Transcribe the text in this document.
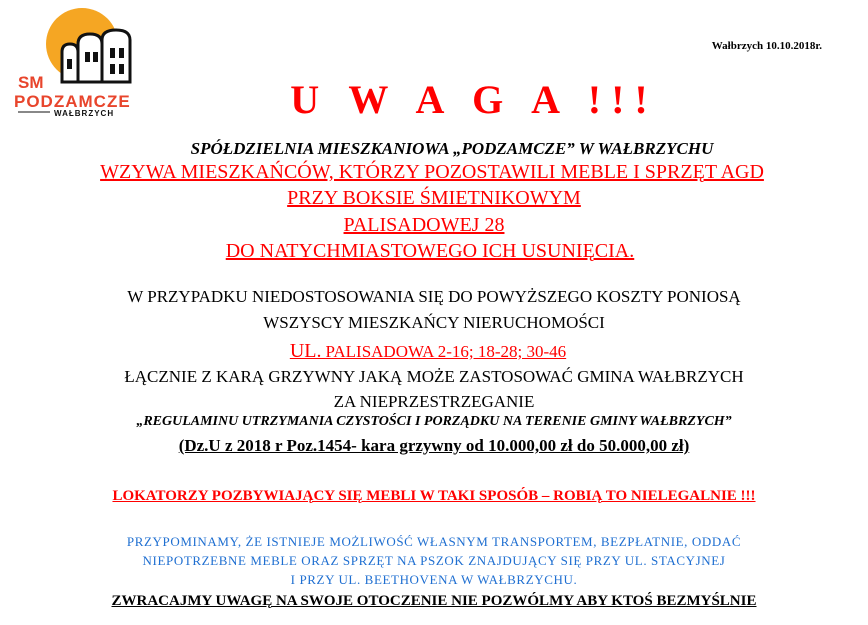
SM
PODZAMCZE
WAŁBRZYCH
Wałbrzych 10.10.2018r.
U W A G A !!!
SPÓŁDZIELNIA MIESZKANIOWA „PODZAMCZE” W WAŁBRZYCHU
WZYWA MIESZKAŃCÓW, KTÓRZY POZOSTAWILI MEBLE I SPRZĘT AGD
PRZY BOKSIE ŚMIETNIKOWYM
PALISADOWEJ 28
DO NATYCHMIASTOWEGO ICH USUNIĘCIA.
W PRZYPADKU NIEDOSTOSOWANIA SIĘ DO POWYŻSZEGO KOSZTY PONIOSĄ
WSZYSCY MIESZKAŃCY NIERUCHOMOŚCI
UL. PALISADOWA 2-16; 18-28; 30-46
ŁĄCZNIE Z KARĄ GRZYWNY JAKĄ MOŻE ZASTOSOWAĆ GMINA WAŁBRZYCH
ZA NIEPRZESTRZEGANIE
„REGULAMINU UTRZYMANIA CZYSTOŚCI I PORZĄDKU NA TERENIE GMINY WAŁBRZYCH”
(Dz.U z 2018 r Poz.1454- kara grzywny od 10.000,00 zł do 50.000,00 zł)
LOKATORZY POZBYWIAJĄCY SIĘ MEBLI W TAKI SPOSÓB – ROBIĄ TO NIELEGALNIE !!!
PRZYPOMINAMY, ŻE ISTNIEJE MOŻLIWOŚĆ WŁASNYM TRANSPORTEM, BEZPŁATNIE, ODDAĆ
NIEPOTRZEBNE MEBLE ORAZ SPRZĘT NA PSZOK ZNAJDUJĄCY SIĘ PRZY UL. STACYJNEJ
I PRZY UL. BEETHOVENA W WAŁBRZYCHU.
ZWRACAJMY UWAGĘ NA SWOJE OTOCZENIE NIE POZWÓLMY ABY KTOŚ BEZMYŚLNIE
